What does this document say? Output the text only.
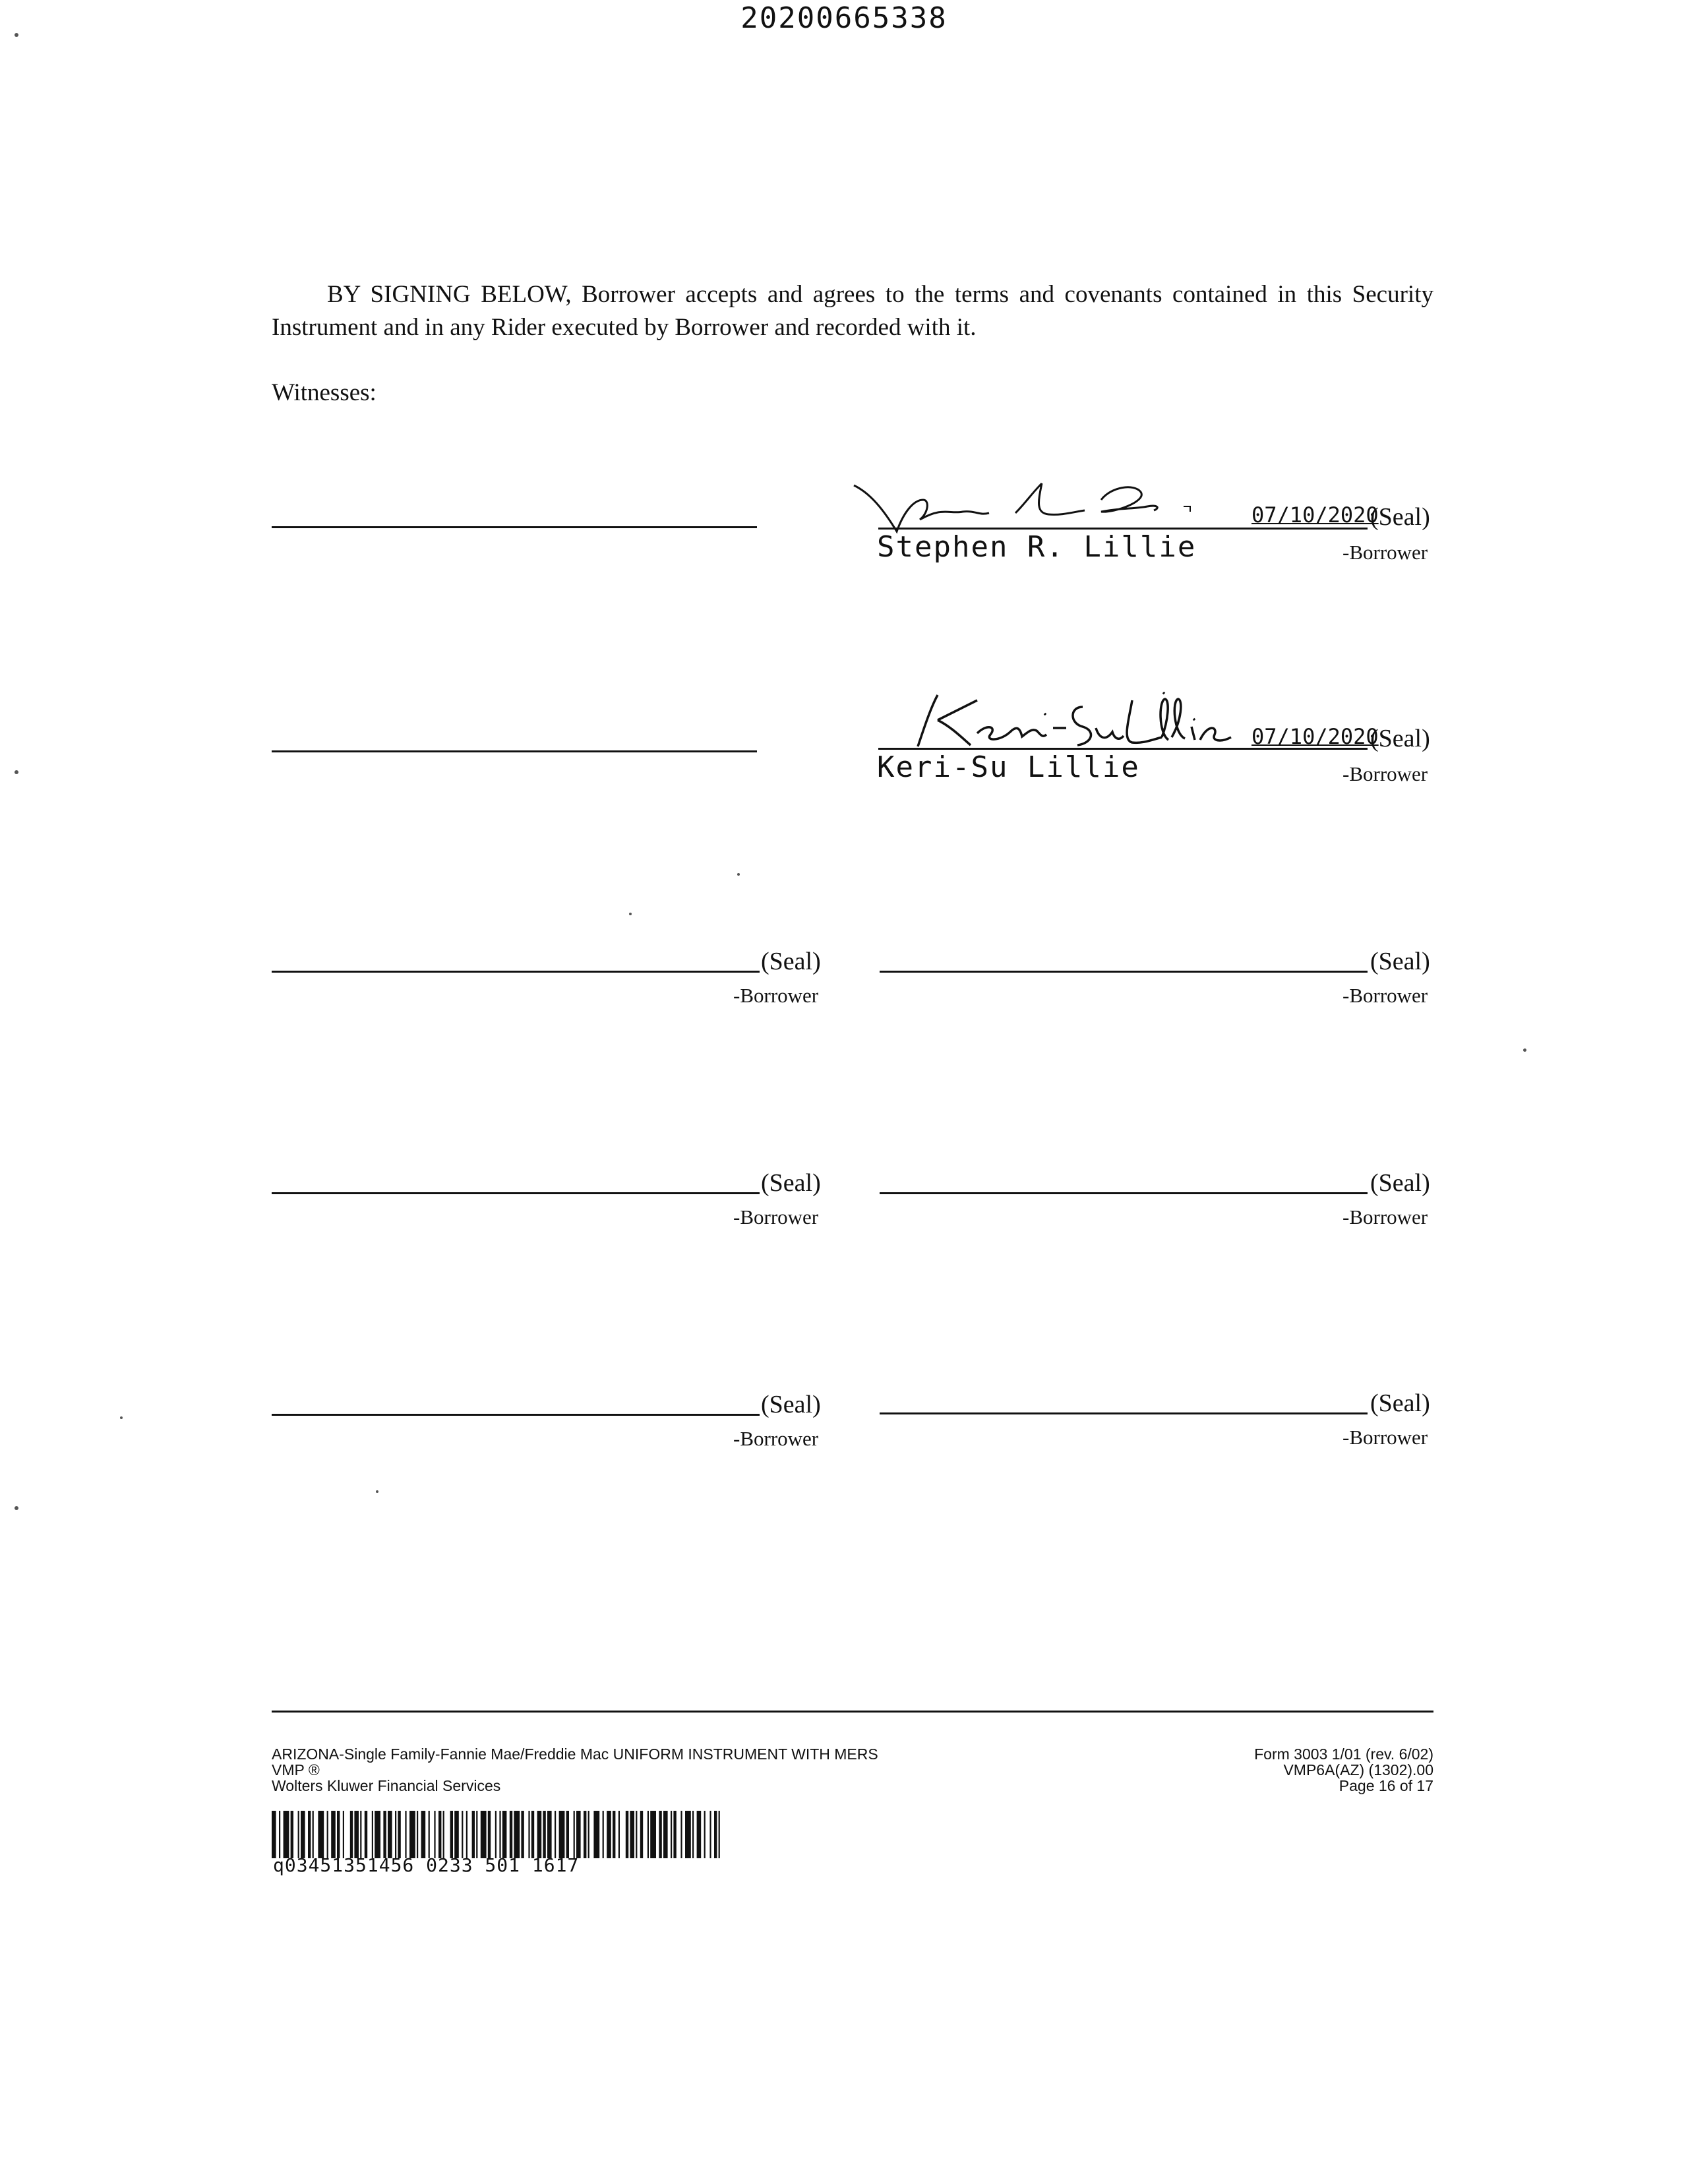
20200665338
BY SIGNING BELOW, Borrower accepts and agrees to the terms and covenants contained in this Security Instrument and in any Rider executed by Borrower and recorded with it.
Witnesses:
07/10/2020
(Seal)
Stephen R. Lillie	-Borrower
07/10/2020
(Seal)
Keri-Su Lillie	-Borrower
(Seal)
-Borrower
(Seal)
-Borrower
(Seal)
-Borrower
(Seal)
-Borrower
(Seal)
-Borrower
(Seal)
-Borrower
ARIZONA-Single Family-Fannie Mae/Freddie Mac UNIFORM INSTRUMENT WITH MERS
VMP ®
Wolters Kluwer Financial Services
Form 3003 1/01 (rev. 6/02)
VMP6A(AZ) (1302).00
Page 16 of 17
q03451351456 0233 501 1617
